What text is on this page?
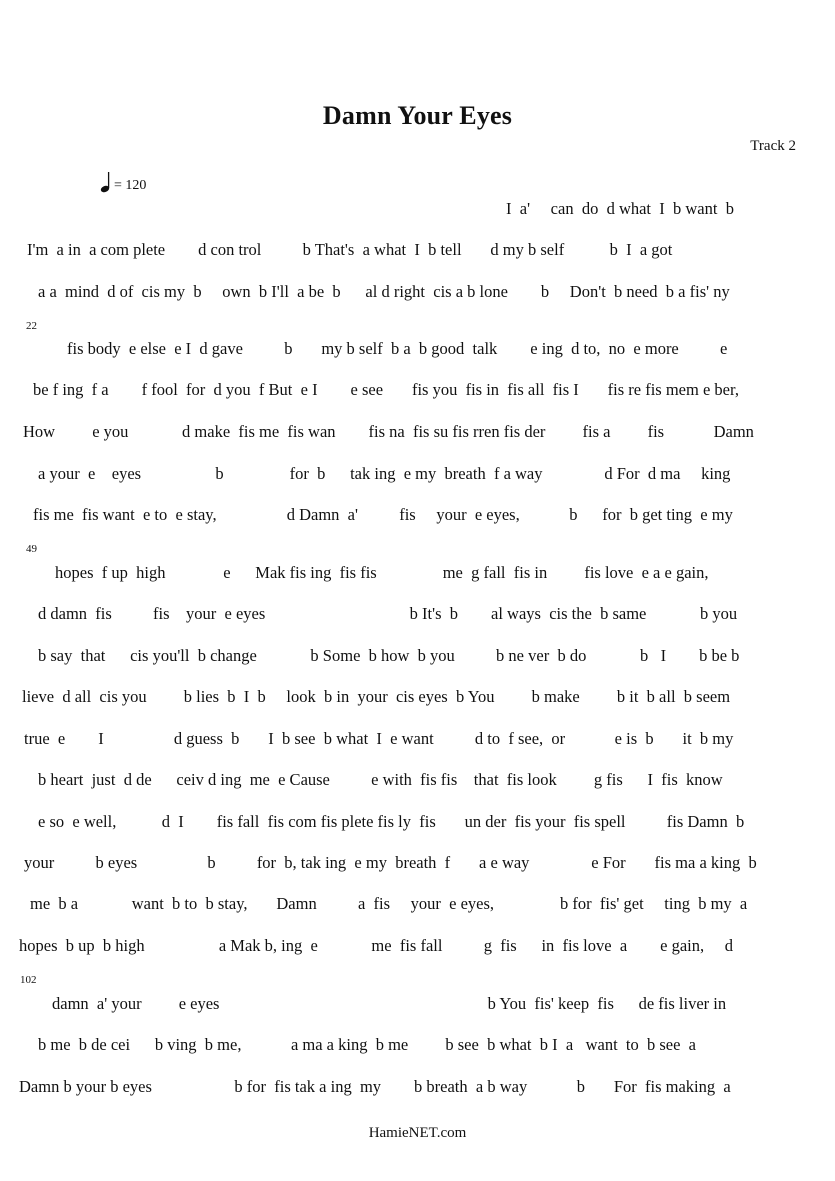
Damn Your Eyes
Track 2
= 120
I  a'     can  do  d what  I  b want  b
I'm  a in  a com plete        d con trol          b That's  a what  I  b tell       d my b self           b  I  a got
a a  mind  d of  cis my  b     own  b I'll  a be  b      al d right  cis a b lone        b     Don't  b need  b a fis' ny
22
fis body  e else  e I  d gave          b       my b self  b a  b good  talk        e ing  d to,  no  e more          e
be f ing  f a        f fool  for  d you  f But  e I        e see       fis you  fis in  fis all  fis I       fis re fis mem e ber,
How         e you             d make  fis me  fis wan        fis na  fis su fis rren fis der         fis a         fis            Damn
a your  e    eyes                  b                for  b      tak ing  e my  breath  f a way               d For  d ma     king
fis me  fis want  e to  e stay,                 d Damn  a'          fis     your  e eyes,            b      for  b get ting  e my
49
hopes  f up  high              e      Mak fis ing  fis fis                me  g fall  fis in         fis love  e a e gain,
d damn  fis          fis    your  e eyes                                   b It's  b        al ways  cis the  b same             b you
b say  that      cis you'll  b change             b Some  b how  b you          b ne ver  b do             b   I        b be b
lieve  d all  cis you         b lies  b  I  b     look  b in  your  cis eyes  b You         b make         b it  b all  b seem
true  e        I                 d guess  b       I  b see  b what  I  e want          d to  f see,  or            e is  b       it  b my
b heart  just  d de      ceiv d ing  me  e Cause          e with  fis fis    that  fis look         g fis      I  fis  know
e so  e well,           d  I        fis fall  fis com fis plete fis ly  fis       un der  fis your  fis spell          fis Damn  b
your          b eyes                 b          for  b, tak ing  e my  breath  f       a e way               e For       fis ma a king  b
me  b a             want  b to  b stay,       Damn          a  fis     your  e eyes,                b for  fis' get     ting  b my  a
hopes  b up  b high                  a Mak b, ing  e             me  fis fall          g  fis      in  fis love  a        e gain,     d
102
damn  a' your         e eyes                                                                 b You  fis' keep  fis      de fis liver in
b me  b de cei      b ving  b me,            a ma a king  b me         b see  b what  b I  a   want  to  b see  a
Damn b your b eyes                    b for  fis tak a ing  my        b breath  a b way            b       For  fis making  a
HamieNET.com
